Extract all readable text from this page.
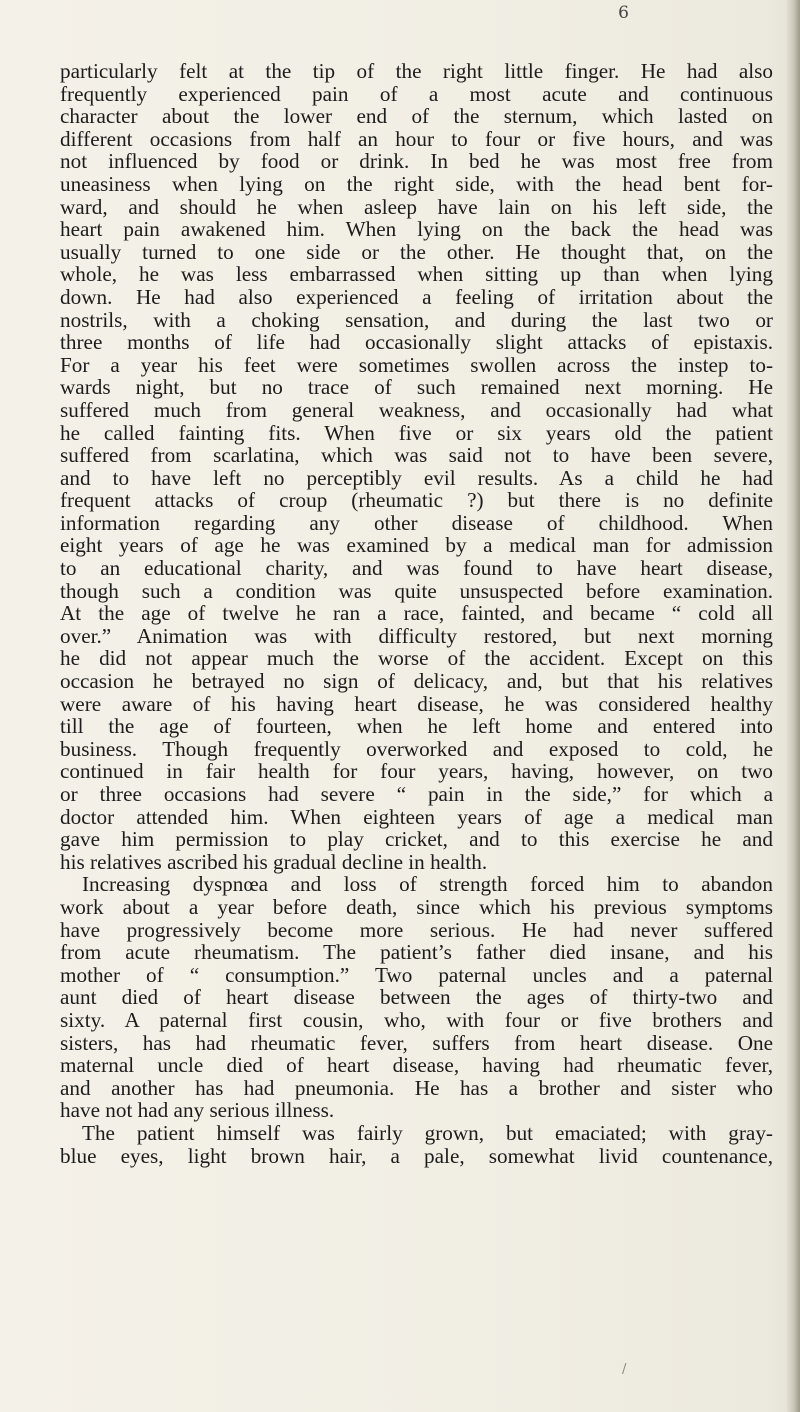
6
particularly felt at the tip of the right little finger. He had also
frequently experienced pain of a most acute and continuous
character about the lower end of the sternum, which lasted on
different occasions from half an hour to four or five hours, and was
not influenced by food or drink. In bed he was most free from
uneasiness when lying on the right side, with the head bent for-
ward, and should he when asleep have lain on his left side, the
heart pain awakened him. When lying on the back the head was
usually turned to one side or the other. He thought that, on the
whole, he was less embarrassed when sitting up than when lying
down. He had also experienced a feeling of irritation about the
nostrils, with a choking sensation, and during the last two or
three months of life had occasionally slight attacks of epistaxis.
For a year his feet were sometimes swollen across the instep to-
wards night, but no trace of such remained next morning. He
suffered much from general weakness, and occasionally had what
he called fainting fits. When five or six years old the patient
suffered from scarlatina, which was said not to have been severe,
and to have left no perceptibly evil results. As a child he had
frequent attacks of croup (rheumatic ?) but there is no definite
information regarding any other disease of childhood. When
eight years of age he was examined by a medical man for admission
to an educational charity, and was found to have heart disease,
though such a condition was quite unsuspected before examination.
At the age of twelve he ran a race, fainted, and became “ cold all
over.” Animation was with difficulty restored, but next morning
he did not appear much the worse of the accident. Except on this
occasion he betrayed no sign of delicacy, and, but that his relatives
were aware of his having heart disease, he was considered healthy
till the age of fourteen, when he left home and entered into
business. Though frequently overworked and exposed to cold, he
continued in fair health for four years, having, however, on two
or three occasions had severe “ pain in the side,” for which a
doctor attended him. When eighteen years of age a medical man
gave him permission to play cricket, and to this exercise he and
his relatives ascribed his gradual decline in health.
Increasing dyspnœa and loss of strength forced him to abandon
work about a year before death, since which his previous symptoms
have progressively become more serious. He had never suffered
from acute rheumatism. The patient’s father died insane, and his
mother of “ consumption.” Two paternal uncles and a paternal
aunt died of heart disease between the ages of thirty-two and
sixty. A paternal first cousin, who, with four or five brothers and
sisters, has had rheumatic fever, suffers from heart disease. One
maternal uncle died of heart disease, having had rheumatic fever,
and another has had pneumonia. He has a brother and sister who
have not had any serious illness.
The patient himself was fairly grown, but emaciated; with gray-
blue eyes, light brown hair, a pale, somewhat livid countenance,
/
